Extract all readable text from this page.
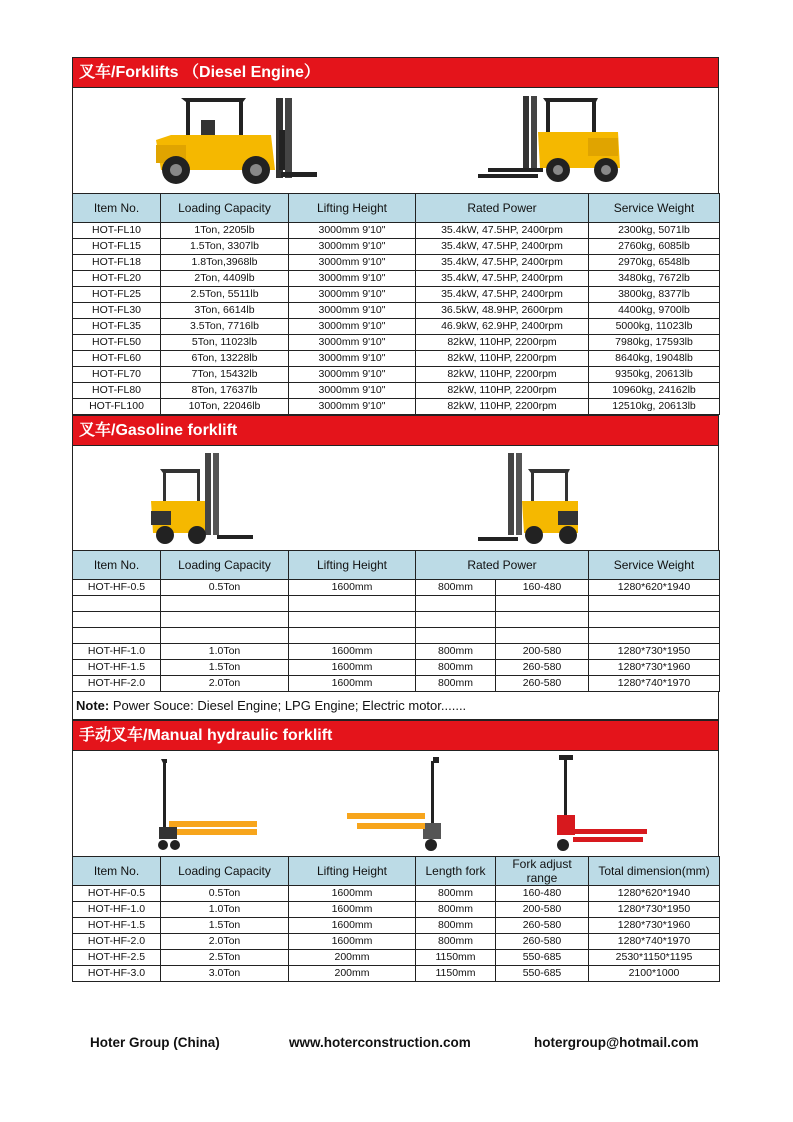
叉车/Forklifts （Diesel Engine）
Item No.	Loading Capacity	Lifting Height	Rated Power	Service Weight
HOT-FL10	1Ton, 2205lb	3000mm 9'10"	35.4kW, 47.5HP, 2400rpm	2300kg, 5071lb
HOT-FL15	1.5Ton, 3307lb	3000mm 9'10"	35.4kW, 47.5HP, 2400rpm	2760kg, 6085lb
HOT-FL18	1.8Ton,3968lb	3000mm 9'10"	35.4kW, 47.5HP, 2400rpm	2970kg, 6548lb
HOT-FL20	2Ton, 4409lb	3000mm 9'10"	35.4kW, 47.5HP, 2400rpm	3480kg, 7672lb
HOT-FL25	2.5Ton, 5511lb	3000mm 9'10"	35.4kW, 47.5HP, 2400rpm	3800kg, 8377lb
HOT-FL30	3Ton, 6614lb	3000mm 9'10"	36.5kW, 48.9HP, 2600rpm	4400kg, 9700lb
HOT-FL35	3.5Ton, 7716lb	3000mm 9'10"	46.9kW, 62.9HP, 2400rpm	5000kg, 11023lb
HOT-FL50	5Ton, 11023lb	3000mm 9'10"	82kW, 110HP, 2200rpm	7980kg, 17593lb
HOT-FL60	6Ton, 13228lb	3000mm 9'10"	82kW, 110HP, 2200rpm	8640kg, 19048lb
HOT-FL70	7Ton, 15432lb	3000mm 9'10"	82kW, 110HP, 2200rpm	9350kg, 20613lb
HOT-FL80	8Ton, 17637lb	3000mm 9'10"	82kW, 110HP, 2200rpm	10960kg, 24162lb
HOT-FL100	10Ton, 22046lb	3000mm 9'10"	82kW, 110HP, 2200rpm	12510kg, 20613lb
叉车/Gasoline forklift
Item No.	Loading Capacity	Lifting Height	Rated Power		Service Weight
HOT-HF-0.5	0.5Ton	1600mm	800mm	160-480	1280*620*1940

HOT-HF-1.0	1.0Ton	1600mm	800mm	200-580	1280*730*1950
HOT-HF-1.5	1.5Ton	1600mm	800mm	260-580	1280*730*1960
HOT-HF-2.0	2.0Ton	1600mm	800mm	260-580	1280*740*1970
Note: Power Souce: Diesel Engine; LPG Engine; Electric motor.......
手动叉车/Manual hydraulic forklift
Item No.	Loading Capacity	Lifting Height	Length fork	Fork adjust range	Total dimension(mm)
HOT-HF-0.5	0.5Ton	1600mm	800mm	160-480	1280*620*1940
HOT-HF-1.0	1.0Ton	1600mm	800mm	200-580	1280*730*1950
HOT-HF-1.5	1.5Ton	1600mm	800mm	260-580	1280*730*1960
HOT-HF-2.0	2.0Ton	1600mm	800mm	260-580	1280*740*1970
HOT-HF-2.5	2.5Ton	200mm	1150mm	550-685	2530*1150*1195
HOT-HF-3.0	3.0Ton	200mm	1150mm	550-685	2100*1000
Hoter Group (China)	www.hoterconstruction.com	hotergroup@hotmail.com
